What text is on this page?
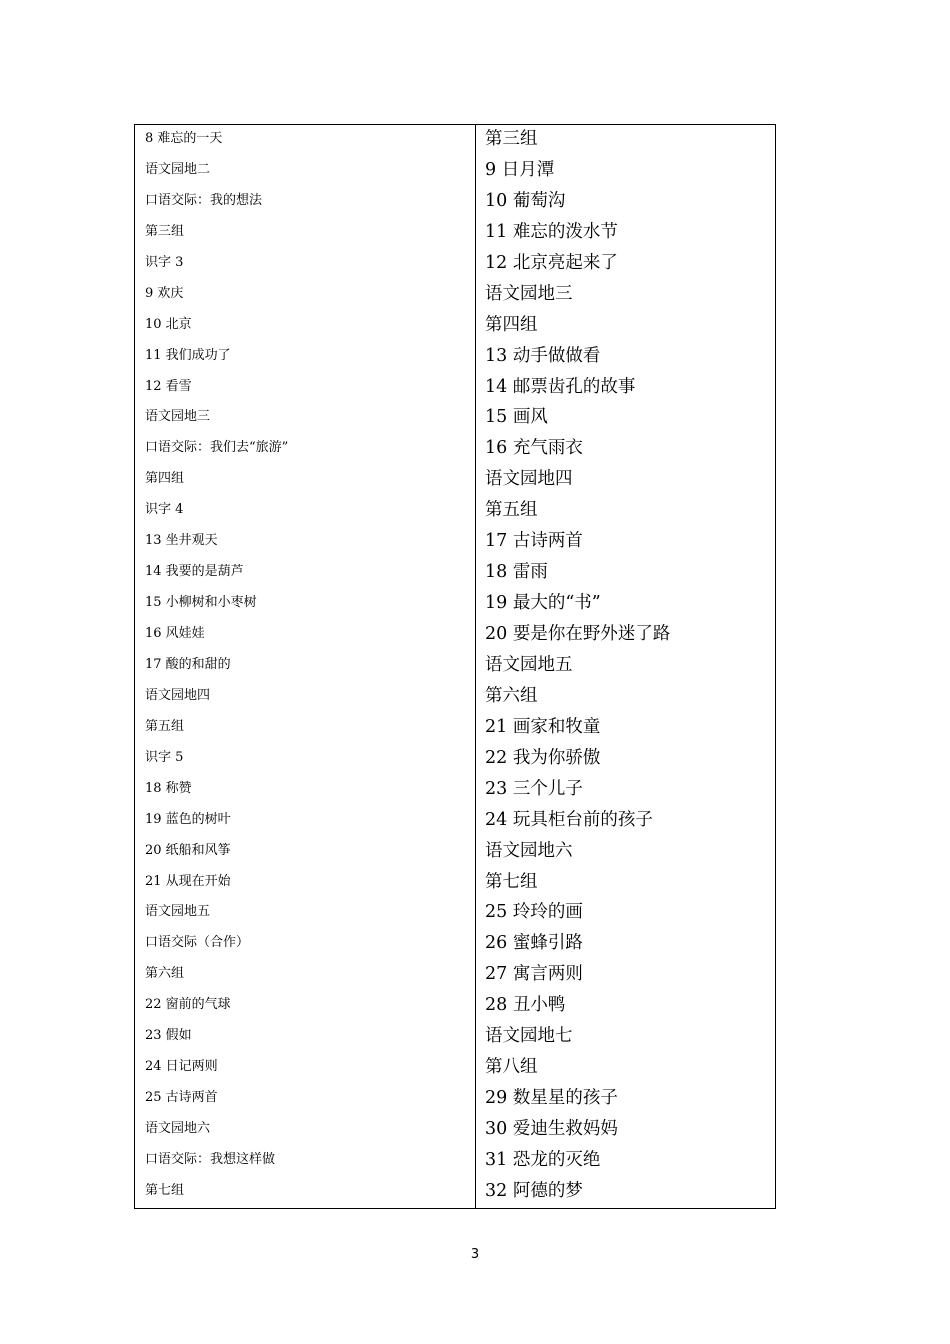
8 难忘的一天
语文园地二
口语交际：我的想法
第三组
识字 3
9 欢庆
10 北京
11 我们成功了
12 看雪
语文园地三
口语交际：我们去“旅游”
第四组
识字 4
13 坐井观天
14 我要的是葫芦
15 小柳树和小枣树
16 风娃娃
17 酸的和甜的
语文园地四
第五组
识字 5
18 称赞
19 蓝色的树叶
20 纸船和风筝
21 从现在开始
语文园地五
口语交际（合作）
第六组
22 窗前的气球
23 假如
24 日记两则
25 古诗两首
语文园地六
口语交际：我想这样做
第七组
第三组
9 日月潭
10 葡萄沟
11 难忘的泼水节
12 北京亮起来了
语文园地三
第四组
13 动手做做看
14 邮票齿孔的故事
15 画风
16 充气雨衣
语文园地四
第五组
17 古诗两首
18 雷雨
19 最大的“书”
20 要是你在野外迷了路
语文园地五
第六组
21 画家和牧童
22 我为你骄傲
23 三个儿子
24 玩具柜台前的孩子
语文园地六
第七组
25 玲玲的画
26 蜜蜂引路
27 寓言两则
28 丑小鸭
语文园地七
第八组
29 数星星的孩子
30 爱迪生救妈妈
31 恐龙的灭绝
32 阿德的梦
3
